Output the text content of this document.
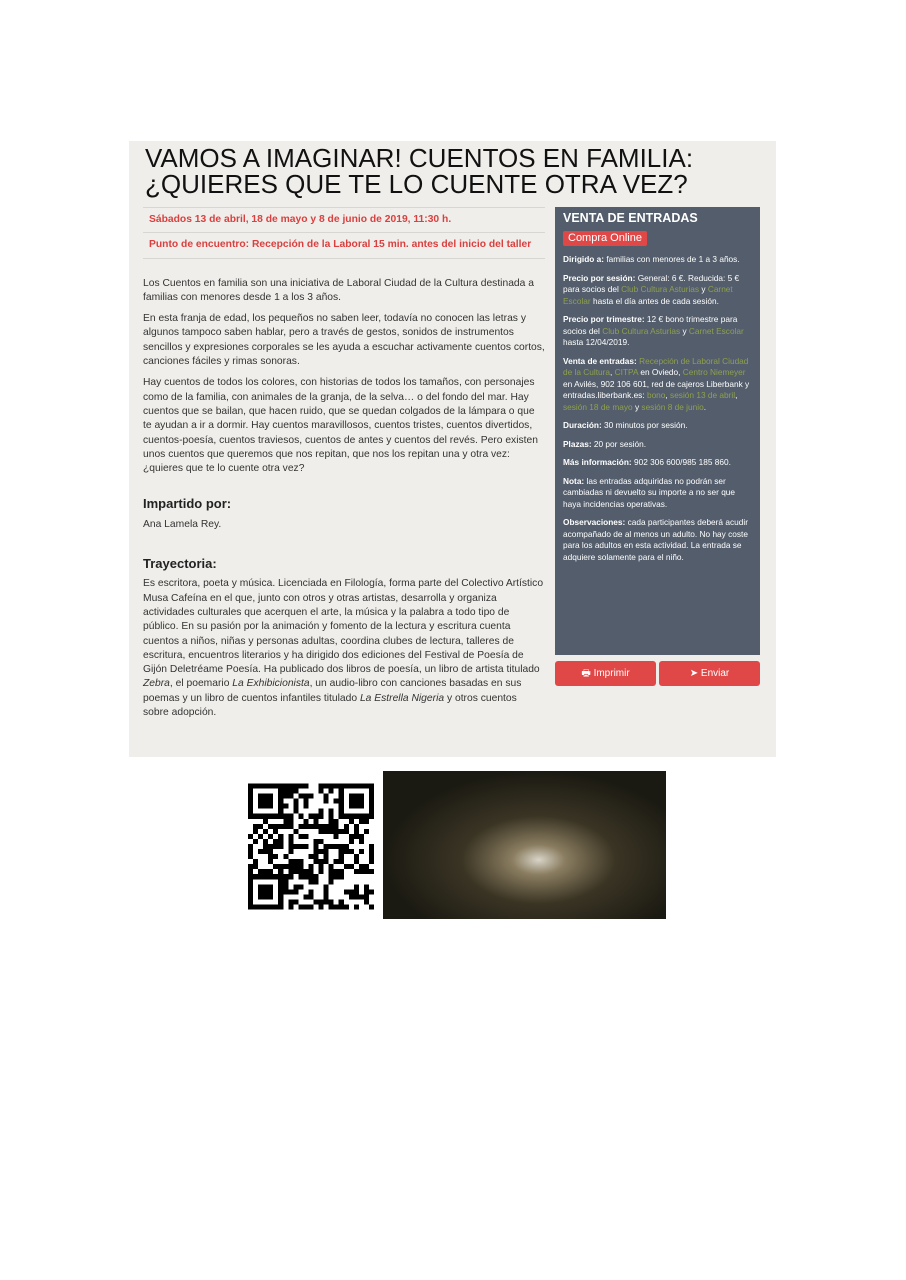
VAMOS A IMAGINAR! CUENTOS EN FAMILIA: ¿QUIERES QUE TE LO CUENTE OTRA VEZ?
Sábados 13 de abril, 18 de mayo y 8 de junio de 2019, 11:30 h.
Punto de encuentro: Recepción de la Laboral 15 min. antes del inicio del taller

Los Cuentos en familia son una iniciativa de Laboral Ciudad de la Cultura destinada a familias con menores desde 1 a los 3 años.

En esta franja de edad, los pequeños no saben leer, todavía no conocen las letras y algunos tampoco saben hablar, pero a través de gestos, sonidos de instrumentos sencillos y expresiones corporales se les ayuda a escuchar activamente cuentos cortos, canciones fáciles y rimas sonoras.

Hay cuentos de todos los colores, con historias de todos los tamaños, con personajes como de la familia, con animales de la granja, de la selva… o del fondo del mar. Hay cuentos que se bailan, que hacen ruido, que se quedan colgados de la lámpara o que te ayudan a ir a dormir. Hay cuentos maravillosos, cuentos tristes, cuentos divertidos, cuentos-poesía, cuentos traviesos, cuentos de antes y cuentos del revés. Pero existen unos cuentos que queremos que nos repitan, que nos los repitan una y otra vez: ¿quieres que te lo cuente otra vez?

Impartido por:

Ana Lamela Rey.

Trayectoria:

Es escritora, poeta y música. Licenciada en Filología, forma parte del Colectivo Artístico Musa Cafeína en el que, junto con otros y otras artistas, desarrolla y organiza actividades culturales que acerquen el arte, la música y la palabra a todo tipo de público. En su pasión por la animación y fomento de la lectura y escritura cuenta cuentos a niños, niñas y personas adultas, coordina clubes de lectura, talleres de escritura, encuentros literarios y ha dirigido dos ediciones del Festival de Poesía de Gijón Deletréame Poesía. Ha publicado dos libros de poesía, un libro de artista titulado Zebra, el poemario La Exhibicionista, un audio-libro con canciones basadas en sus poemas y un libro de cuentos infantiles titulado La Estrella Nigeria y otros cuentos sobre adopción.

VENTA DE ENTRADAS
Compra Online

Dirigido a: familias con menores de 1 a 3 años.

Precio por sesión: General: 6 €. Reducida: 5 € para socios del Club Cultura Asturias y Carnet Escolar hasta el día antes de cada sesión.

Precio por trimestre: 12 € bono trimestre para socios del Club Cultura Asturias y Carnet Escolar hasta 12/04/2019.

Venta de entradas: Recepción de Laboral Ciudad de la Cultura, CITPA en Oviedo, Centro Niemeyer en Avilés, 902 106 601, red de cajeros Liberbank y entradas.liberbank.es: bono, sesión 13 de abril, sesión 18 de mayo y sesión 8 de junio.

Duración: 30 minutos por sesión.

Plazas: 20 por sesión.

Más información: 902 306 600/985 185 860.

Nota: las entradas adquiridas no podrán ser cambiadas ni devuelto su importe a no ser que haya incidencias operativas.

Observaciones: cada participantes deberá acudir acompañado de al menos un adulto. No hay coste para los adultos en esta actividad. La entrada se adquiere solamente para el niño.

🖶 Imprimir	➤ Enviar
